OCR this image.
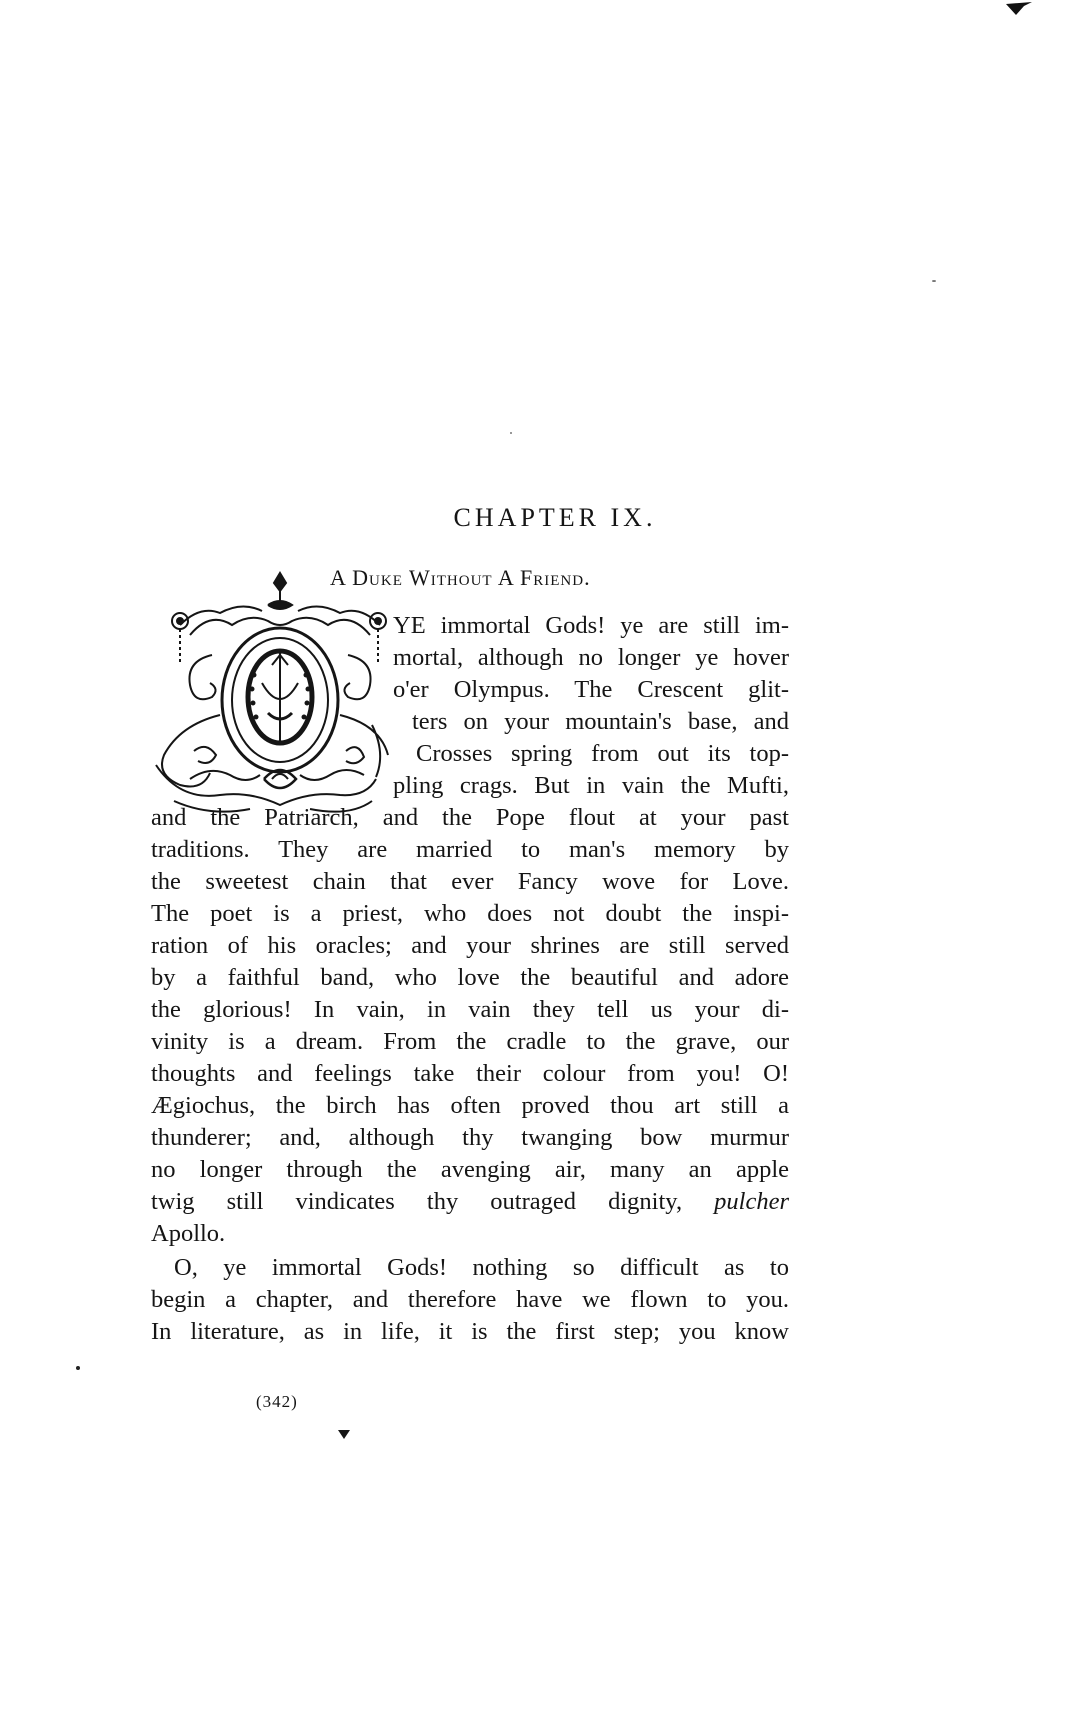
CHAPTER IX.
A Duke Without A Friend.
YE immortal Gods! ye are still im-
mortal, although no longer ye hover
o'er Olympus. The Crescent glit-
ters on your mountain's base, and
Crosses spring from out its top-
pling crags. But in vain the Mufti,
and the Patriarch, and the Pope flout at your past
traditions. They are married to man's memory by
the sweetest chain that ever Fancy wove for Love.
The poet is a priest, who does not doubt the inspi-
ration of his oracles; and your shrines are still served
by a faithful band, who love the beautiful and adore
the glorious! In vain, in vain they tell us your di-
vinity is a dream. From the cradle to the grave, our
thoughts and feelings take their colour from you! O!
Ægiochus, the birch has often proved thou art still a
thunderer; and, although thy twanging bow murmur
no longer through the avenging air, many an apple
twig still vindicates thy outraged dignity, pulcher
Apollo.
O, ye immortal Gods! nothing so difficult as to
begin a chapter, and therefore have we flown to you.
In literature, as in life, it is the first step; you know
(342)
